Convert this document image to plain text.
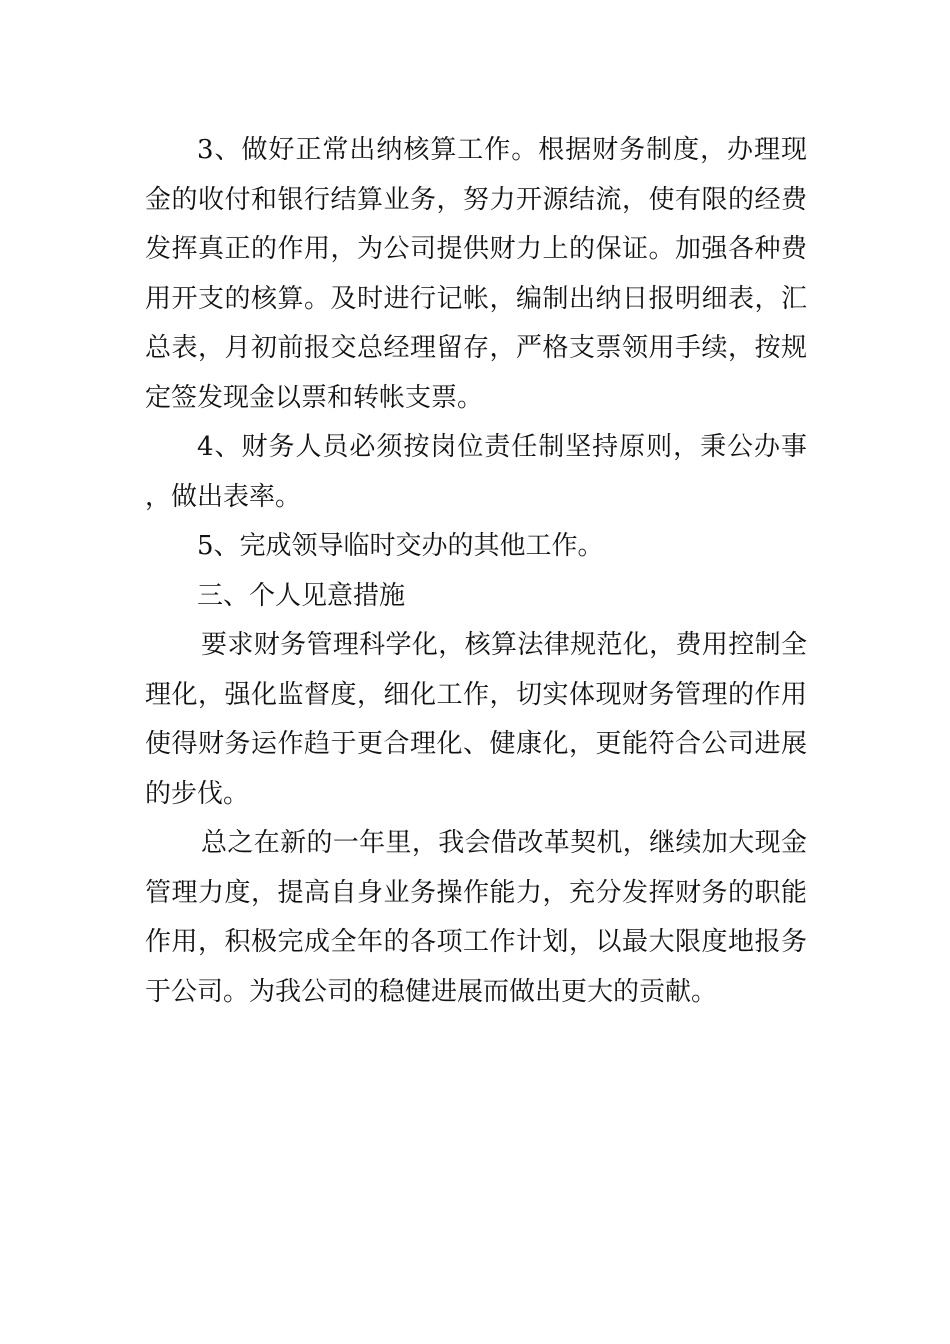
3、做好正常出纳核算工作。根据财务制度，办理现金的收付和银行结算业务，努力开源结流，使有限的经费发挥真正的作用，为公司提供财力上的保证。加强各种费用开支的核算。及时进行记帐，编制出纳日报明细表，汇总表，月初前报交总经理留存，严格支票领用手续，按规定签发现金以票和转帐支票。

4、财务人员必须按岗位责任制坚持原则，秉公办事，做出表率。

5、完成领导临时交办的其他工作。

三、个人见意措施

要求财务管理科学化，核算法律规范化，费用控制全理化，强化监督度，细化工作，切实体现财务管理的作用使得财务运作趋于更合理化、健康化，更能符合公司进展的步伐。

总之在新的一年里，我会借改革契机，继续加大现金管理力度，提高自身业务操作能力，充分发挥财务的职能作用，积极完成全年的各项工作计划，以最大限度地报务于公司。为我公司的稳健进展而做出更大的贡献。
